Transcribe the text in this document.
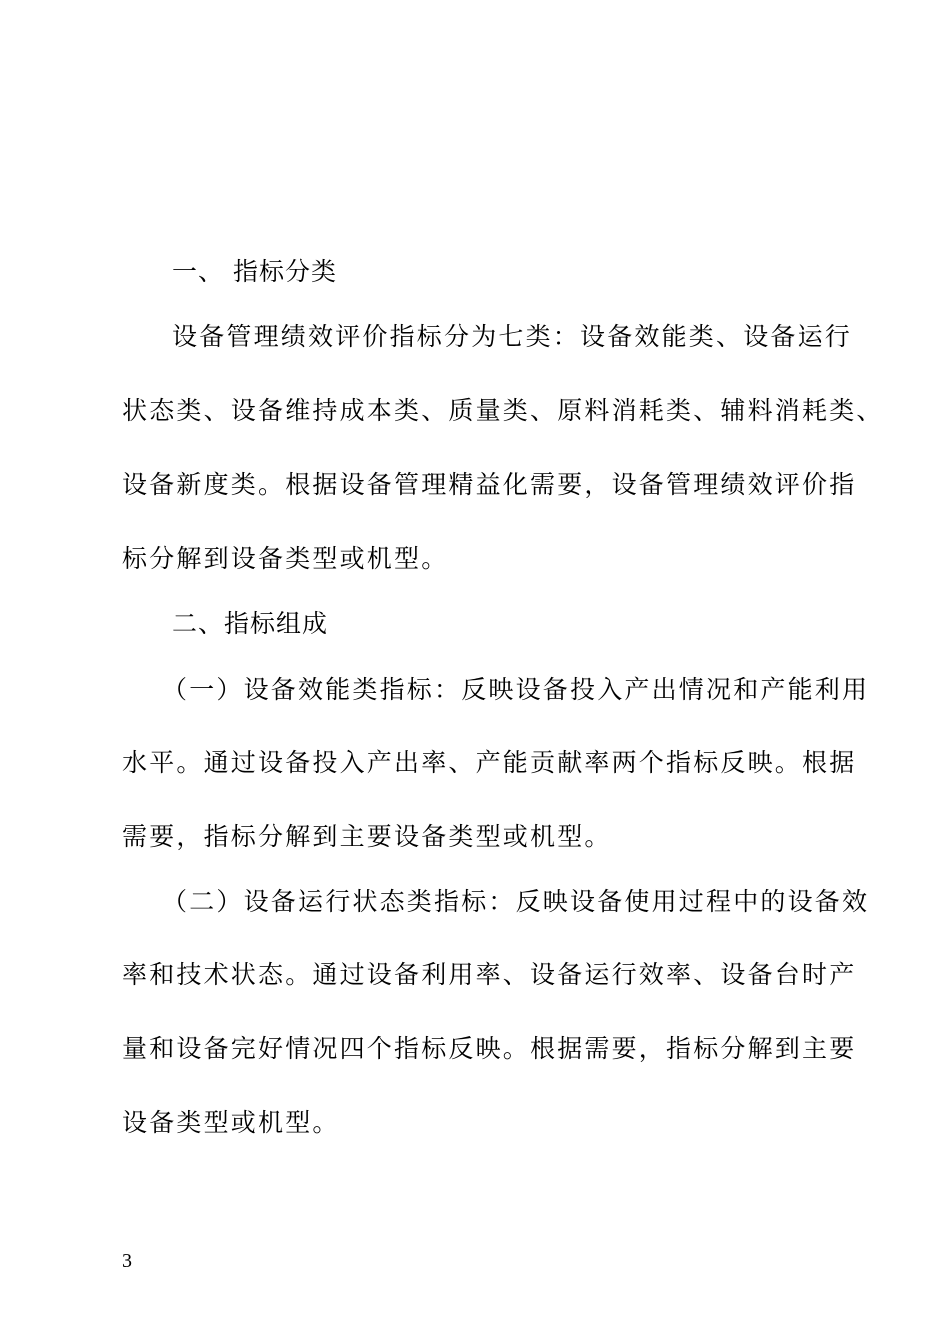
一、 指标分类
设备管理绩效评价指标分为七类：设备效能类、设备运行
状态类、设备维持成本类、质量类、原料消耗类、辅料消耗类、
设备新度类。根据设备管理精益化需要，设备管理绩效评价指
标分解到设备类型或机型。
二、指标组成
（一）设备效能类指标：反映设备投入产出情况和产能利用
水平。通过设备投入产出率、产能贡献率两个指标反映。根据
需要，指标分解到主要设备类型或机型。
（二）设备运行状态类指标：反映设备使用过程中的设备效
率和技术状态。通过设备利用率、设备运行效率、设备台时产
量和设备完好情况四个指标反映。根据需要，指标分解到主要
设备类型或机型。
3
